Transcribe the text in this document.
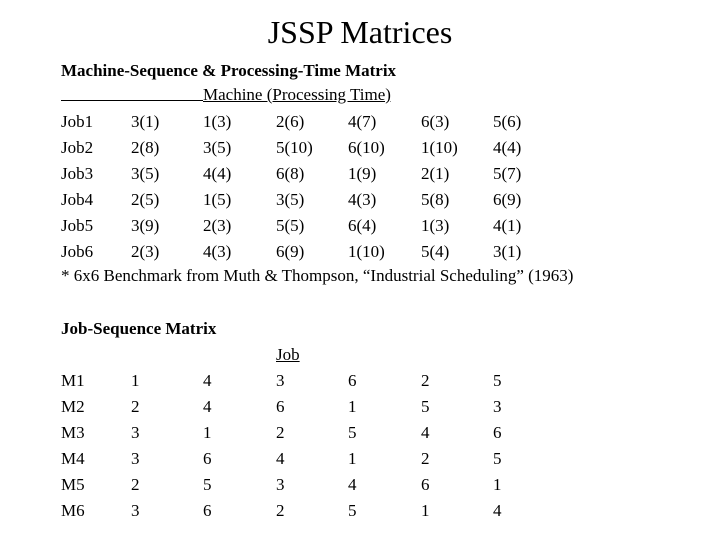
JSSP Matrices
Machine-Sequence & Processing-Time Matrix
Machine (Processing Time)
Job1 3(1)	1(3)	2(6)	4(7)	6(3)	5(6)
Job2 2(8)	3(5)	5(10) 6(10) 1(10) 4(4)
Job3 3(5)	4(4)	6(8)	1(9)	2(1)	5(7)
Job4 2(5)	1(5)	3(5)	4(3)	5(8)	6(9)
Job5 3(9)	2(3)	5(5)	6(4)	1(3)	4(1)
Job6 2(3)	4(3)	6(9)	1(10) 5(4)	3(1)
* 6x6 Benchmark from Muth & Thompson, “Industrial Scheduling” (1963)
Job-Sequence Matrix
Job
M1	1	4	3	6	2	5
M2	2	4	6	1	5	3
M3	3	1	2	5	4	6
M4	3	6	4	1	2	5
M5	2	5	3	4	6	1
M6	3	6	2	5	1	4
